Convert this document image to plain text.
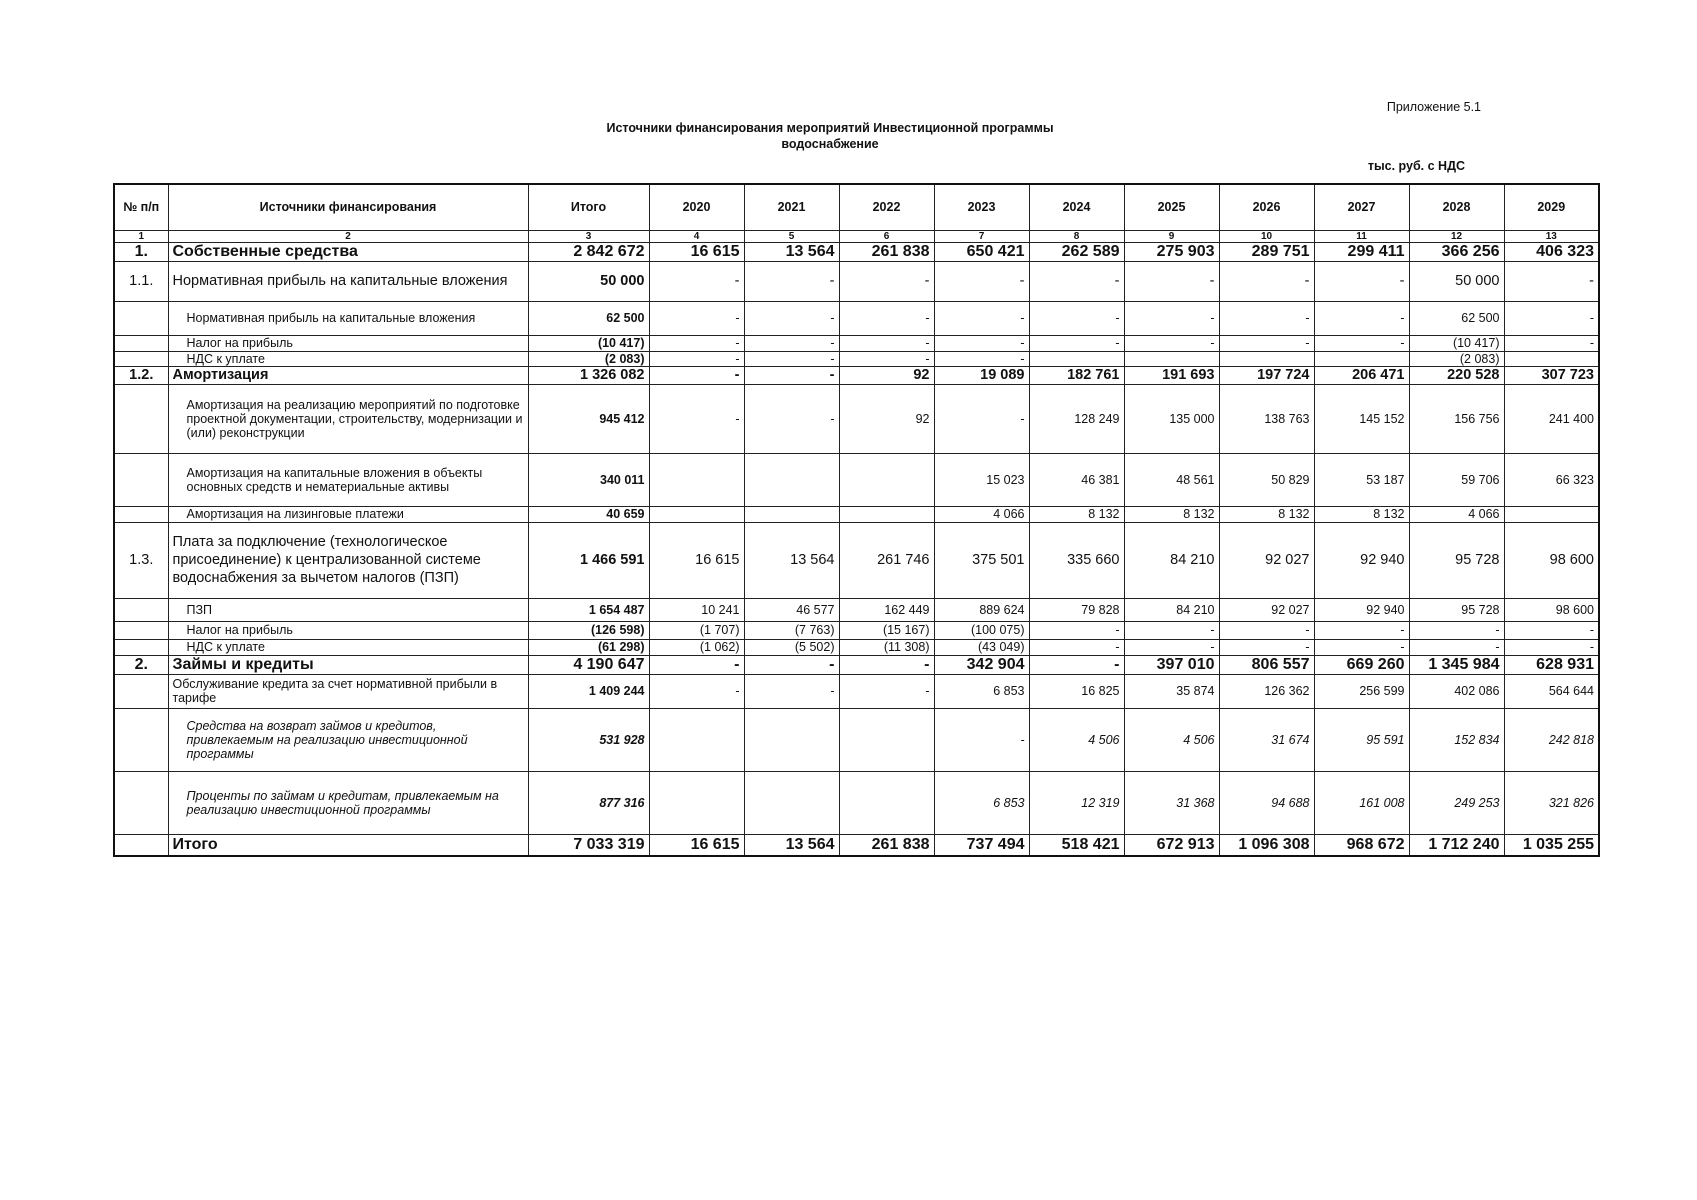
Приложение 5.1
Источники финансирования мероприятий Инвестиционной программы
водоснабжение
тыс. руб. с НДС
№ п/п	Источники финансирования	Итого	2020	2021	2022	2023	2024	2025	2026	2027	2028	2029
1	2	3	4	5	6	7	8	9	10	11	12	13
1.	Собственные средства	2 842 672	16 615	13 564	261 838	650 421	262 589	275 903	289 751	299 411	366 256	406 323
1.1.	Нормативная прибыль на капитальные вложения	50 000	-	-	-	-	-	-	-	-	50 000	-
	Нормативная прибыль на капитальные вложения	62 500	-	-	-	-	-	-	-	-	62 500	-
	Налог на прибыль	(10 417)	-	-	-	-	-	-	-	-	(10 417)	-
	НДС к уплате	(2 083)	-	-	-	-					(2 083)	
1.2.	Амортизация	1 326 082	-	-	92	19 089	182 761	191 693	197 724	206 471	220 528	307 723
	Амортизация на реализацию мероприятий по подготовке проектной документации, строительству, модернизации и (или) реконструкции	945 412	-	-	92	-	128 249	135 000	138 763	145 152	156 756	241 400
	Амортизация на капитальные вложения в объекты основных средств и нематериальные активы	340 011				15 023	46 381	48 561	50 829	53 187	59 706	66 323
	Амортизация на лизинговые платежи	40 659				4 066	8 132	8 132	8 132	8 132	4 066	
1.3.	Плата за подключение (технологическое присоединение) к централизованной системе водоснабжения за вычетом налогов (ПЗП)	1 466 591	16 615	13 564	261 746	375 501	335 660	84 210	92 027	92 940	95 728	98 600
	ПЗП	1 654 487	10 241	46 577	162 449	889 624	79 828	84 210	92 027	92 940	95 728	98 600
	Налог на прибыль	(126 598)	(1 707)	(7 763)	(15 167)	(100 075)	-	-	-	-	-	-
	НДС к уплате	(61 298)	(1 062)	(5 502)	(11 308)	(43 049)	-	-	-	-	-	-
2.	Займы и кредиты	4 190 647	-	-	-	342 904	-	397 010	806 557	669 260	1 345 984	628 931
	Обслуживание кредита за счет нормативной прибыли в тарифе	1 409 244	-	-	-	6 853	16 825	35 874	126 362	256 599	402 086	564 644
	Средства на возврат займов и кредитов, привлекаемым на реализацию инвестиционной программы	531 928				-	4 506	4 506	31 674	95 591	152 834	242 818
	Проценты по займам и кредитам, привлекаемым на реализацию инвестиционной программы	877 316				6 853	12 319	31 368	94 688	161 008	249 253	321 826
	Итого	7 033 319	16 615	13 564	261 838	737 494	518 421	672 913	1 096 308	968 672	1 712 240	1 035 255
